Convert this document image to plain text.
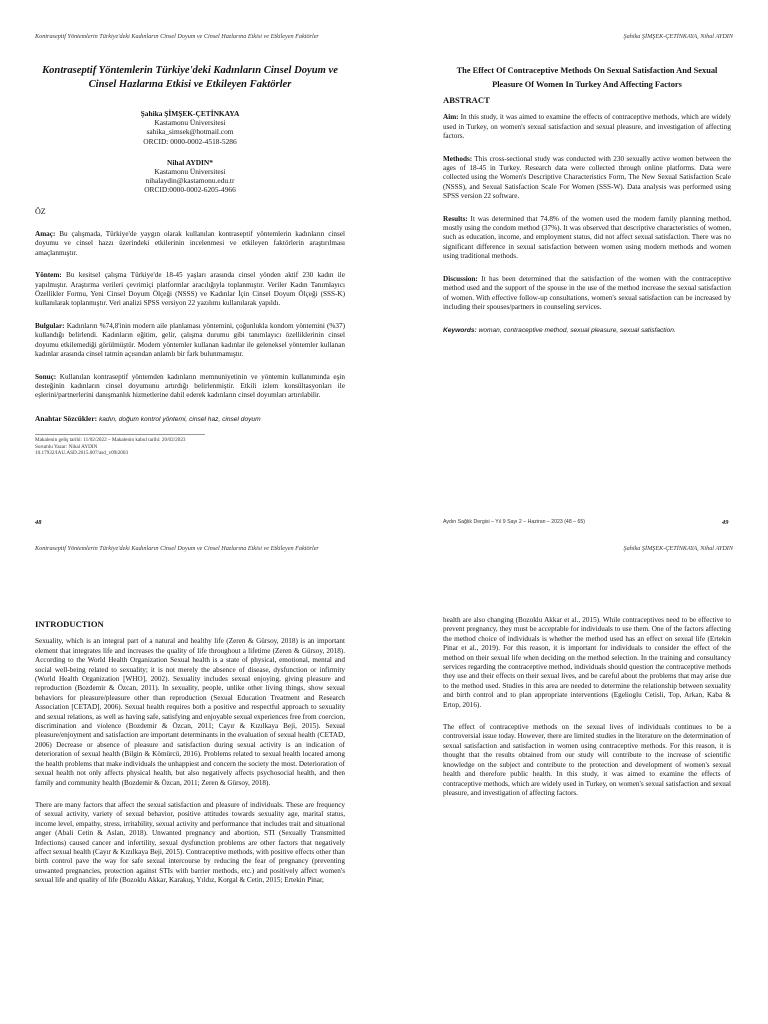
Kontraseptif Yöntemlerin Türkiye'deki Kadınların Cinsel Doyum ve Cinsel Hazlarına Etkisi ve Etkileyen Faktörler
Kontraseptif Yöntemlerin Türkiye'deki Kadınların Cinsel Doyum ve Cinsel Hazlarına Etkisi ve Etkileyen Faktörler
Şahika ŞİMŞEK-ÇETİNKAYA
Kastamonu Üniversitesi
sahika_simsek@hotmail.com
ORCID: 0000-0002-4518-5286
Nihal AYDIN*
Kastamonu Üniversitesi
nihalaydin@kastamonu.edu.tr
ORCID:0000-0002-6205-4966
ÖZ

Amaç: Bu çalışmada, Türkiye'de yaygın olarak kullanılan kontraseptif yöntemlerin kadınların cinsel doyumu ve cinsel hazzı üzerindeki etkilerinin incelenmesi ve etkileyen faktörlerin araştırılması amaçlanmıştır.

Yöntem: Bu kesitsel çalışma Türkiye'de 18-45 yaşları arasında cinsel yönden aktif 230 kadın ile yapılmıştır. Araştırma verileri çevrimiçi platformlar aracılığıyla toplanmıştır. Veriler Kadın Tanımlayıcı Özellikler Formu, Yeni Cinsel Doyum Ölçeği (NSSS) ve Kadınlar İçin Cinsel Doyum Ölçeği (SSS-K) kullanılarak toplanmıştır. Veri analizi SPSS versiyon 22 yazılımı kullanılarak yapıldı.

Bulgular: Kadınların %74,8'inin modern aile planlaması yöntemini, çoğunlukla kondom yöntemini (%37) kullandığı belirlendi. Kadınların eğitim, gelir, çalışma durumu gibi tanımlayıcı özelliklerinin cinsel doyumu etkilemediği görülmüştür. Modern yöntemler kullanan kadınlar ile geleneksel yöntemler kullanan kadınlar arasında cinsel tatmin açısından anlamlı bir fark bulunmamıştır.

Sonuç: Kullanılan kontraseptif yöntemden kadınların memnuniyetinin ve yöntemin kullanımında eşin desteğinin kadınların cinsel doyumunu artırdığı belirlenmiştir. Etkili izlem konsültasyonları ile eşlerini/partnerlerini danışmanlık hizmetlerine dahil ederek kadınların cinsel doyumları artırılabilir.

Anahtar Sözcükler: kadın, doğum kontrol yöntemi, cinsel haz, cinsel doyum
Makalenin geliş tarihi: 11/02/2022 – Makalenin kabul tarihi: 20/02/2023
Sorumlu Yazar: Nihal AYDIN
10.17932/IAU.ASD.2015.007/asd_v09i2003
Şahika ŞİMŞEK-ÇETİNKAYA, Nihal AYDIN
The Effect Of Contraceptive Methods On Sexual Satisfaction And Sexual Pleasure Of Women In Turkey And Affecting Factors
ABSTRACT

Aim: In this study, it was aimed to examine the effects of contraceptive methods, which are widely used in Turkey, on women's sexual satisfaction and sexual pleasure, and investigation of affecting factors.

Methods: This cross-sectional study was conducted with 230 sexually active women between the ages of 18-45 in Turkey. Research data were collected through online platforms. Data were collected using the Women's Descriptive Characteristics Form, The New Sexual Satisfaction Scale (NSSS), and Sexual Satisfaction Scale For Women (SSS-W). Data analysis was performed using SPSS version 22 software.

Results: It was determined that 74.8% of the women used the modern family planning method, mostly using the condom method (37%). It was observed that descriptive characteristics of women, such as education, income, and employment status, did not affect sexual satisfaction. There was no significant difference in sexual satisfaction between women using modern methods and women using traditional methods.

Discussion: It has been determined that the satisfaction of the women with the contraceptive method used and the support of the spouse in the use of the method increase the sexual satisfaction of women. With effective follow-up consultations, women's sexual satisfaction can be increased by including their spouses/partners in counseling services.

Keywords: woman, contraceptive method, sexual pleasure, sexual satisfaction.
48	49
Aydın Sağlık Dergisi – Yıl 9 Sayı 2 – Haziran – 2023 (48 – 65)
Kontraseptif Yöntemlerin Türkiye'deki Kadınların Cinsel Doyum ve Cinsel Hazlarına Etkisi ve Etkileyen Faktörler
INTRODUCTION

Sexuality, which is an integral part of a natural and healthy life (Zeren & Gürsoy, 2018) is an important element that integrates life and increases the quality of life throughout a lifetime (Zeren & Gürsoy, 2018). According to the World Health Organization Sexual health is a state of physical, emotional, mental and social well-being related to sexuality; it is not merely the absence of disease, dysfunction or infirmity (World Health Organization [WHO], 2002). Sexuality includes sexual enjoying, giving pleasure and reproduction (Bozdemir & Özcan, 2011). In sexuality, people, unlike other living things, show sexual behaviors for pleasure/pleasure other than reproduction (Sexual Education Treatment and Research Association [CETAD], 2006). Sexual health requires both a positive and respectful approach to sexuality and sexual relations, as well as having safe, satisfying and enjoyable sexual experiences free from coercion, discrimination and violence (Bozdemir & Özcan, 2011; Cayır & Kızılkaya Beji, 2015). Sexual pleasure/enjoyment and satisfaction are important determinants in the evaluation of sexual health (CETAD, 2006) Decrease or absence of pleasure and satisfaction during sexual activity is an indication of deterioration of sexual health (Bilgin & Kömürcü, 2016). Problems related to sexual health located among the health problems that make individuals the unhappiest and concern the society the most. Deterioration of sexual health not only affects physical health, but also negatively affects psychosocial health, and then family and community health (Bozdemir & Özcan, 2011; Zeren & Gürsoy, 2018).

There are many factors that affect the sexual satisfaction and pleasure of individuals. These are frequency of sexual activity, variety of sexual behavior, positive attitudes towards sexuality age, marital status, income level, empathy, stress, irritability, sexual activity and performance that includes trait and situational anger (Abali Cetin & Aslan, 2018). Unwanted pregnancy and abortion, STI (Sexually Transmitted Infections) caused cancer and infertility, sexual dysfunction problems are other factors that negatively affect sexual health (Cayır & Kızılkaya Beji, 2015). Contraceptive methods, with positive effects other than birth control pave the way for safe sexual intercourse by reducing the fear of pregnancy (preventing unwanted pregnancies, protection against STIs with barrier methods, etc.) and positively affect women's sexual life and quality of life (Bozoklu Akkar, Karakuş, Yıldız, Korgal & Cetin, 2015; Ertekin Pinar,

Şahika ŞİMŞEK-ÇETİNKAYA, Nihal AYDIN

health are also changing (Bozoklu Akkar et al., 2015). While contraceptives need to be effective to prevent pregnancy, they must be acceptable for individuals to use them. One of the factors affecting the method choice of individuals is whether the method used has an effect on sexual life (Ertekin Pinar et al., 2019). For this reason, it is important for individuals to consider the effect of the method on their sexual life when deciding on the method selection. In the training and consultancy services regarding the contraceptive method, individuals should question the contraceptive methods they use and their effects on their sexual lives, and be careful about the problems that may arise due to the method used. Studies in this area are needed to determine the relationship between sexuality and birth control and to plan appropriate interventions (Egelioglu Cetisli, Top, Arkan, Kaba & Ertop, 2016).

The effect of contraceptive methods on the sexual lives of individuals continues to be a controversial issue today. However, there are limited studies in the literature on the determination of sexual satisfaction and satisfaction in women using contraceptive methods. For this reason, it is thought that the results obtained from our study will contribute to the increase of scientific knowledge on the subject and contribute to the protection and development of women's sexual health and therefore public health. In this study, it was aimed to examine the effects of contraceptive methods, which are widely used in Turkey, on women's sexual satisfaction and sexual pleasure, and investigation of affecting factors.
